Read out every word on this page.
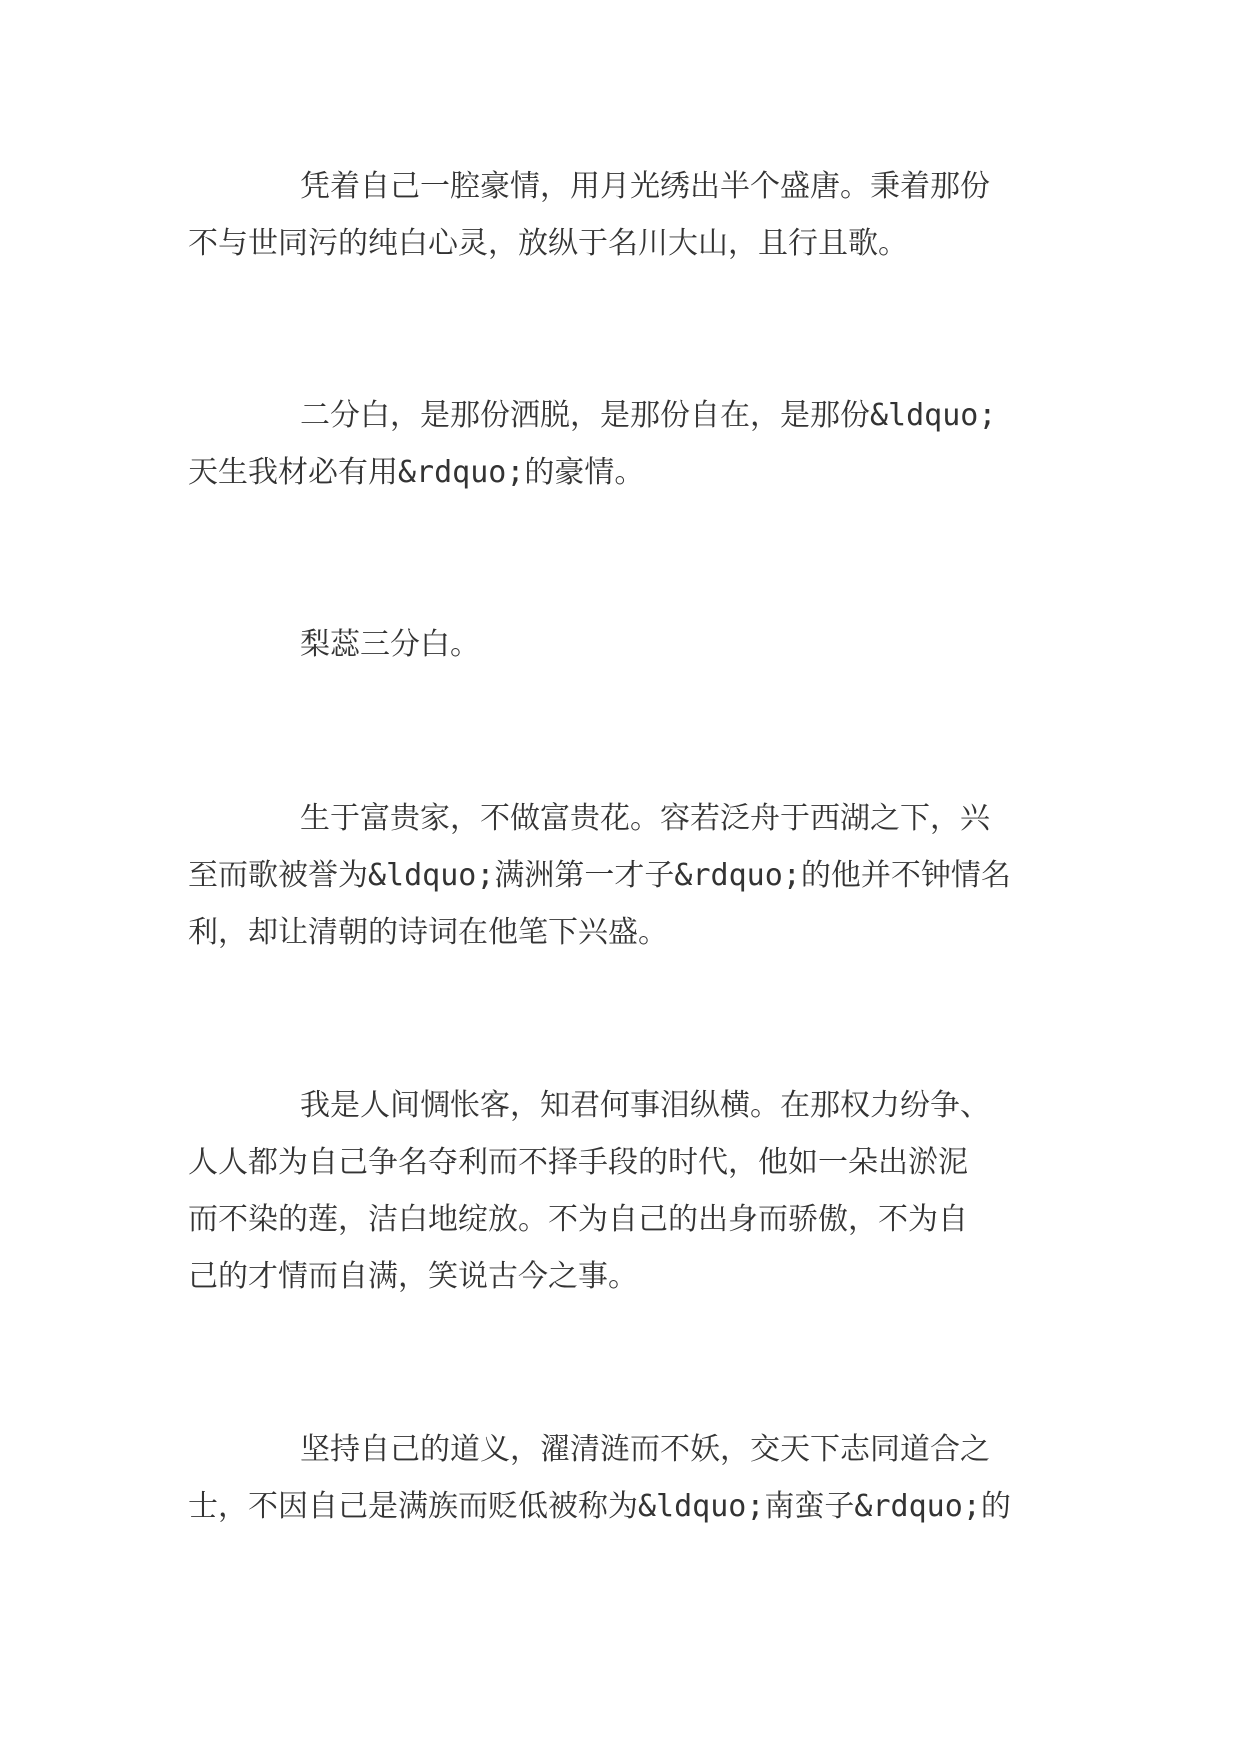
凭着自己一腔豪情，用月光绣出半个盛唐。秉着那份
不与世同污的纯白心灵，放纵于名川大山，且行且歌。
二分白，是那份洒脱，是那份自在，是那份&ldquo;
天生我材必有用&rdquo;的豪情。
梨蕊三分白。
生于富贵家，不做富贵花。容若泛舟于西湖之下，兴
至而歌被誉为&ldquo;满洲第一才子&rdquo;的他并不钟情名
利，却让清朝的诗词在他笔下兴盛。
我是人间惆怅客，知君何事泪纵横。在那权力纷争、
人人都为自己争名夺利而不择手段的时代，他如一朵出淤泥
而不染的莲，洁白地绽放。不为自己的出身而骄傲，不为自
己的才情而自满，笑说古今之事。
坚持自己的道义，濯清涟而不妖，交天下志同道合之
士，不因自己是满族而贬低被称为&ldquo;南蛮子&rdquo;的
